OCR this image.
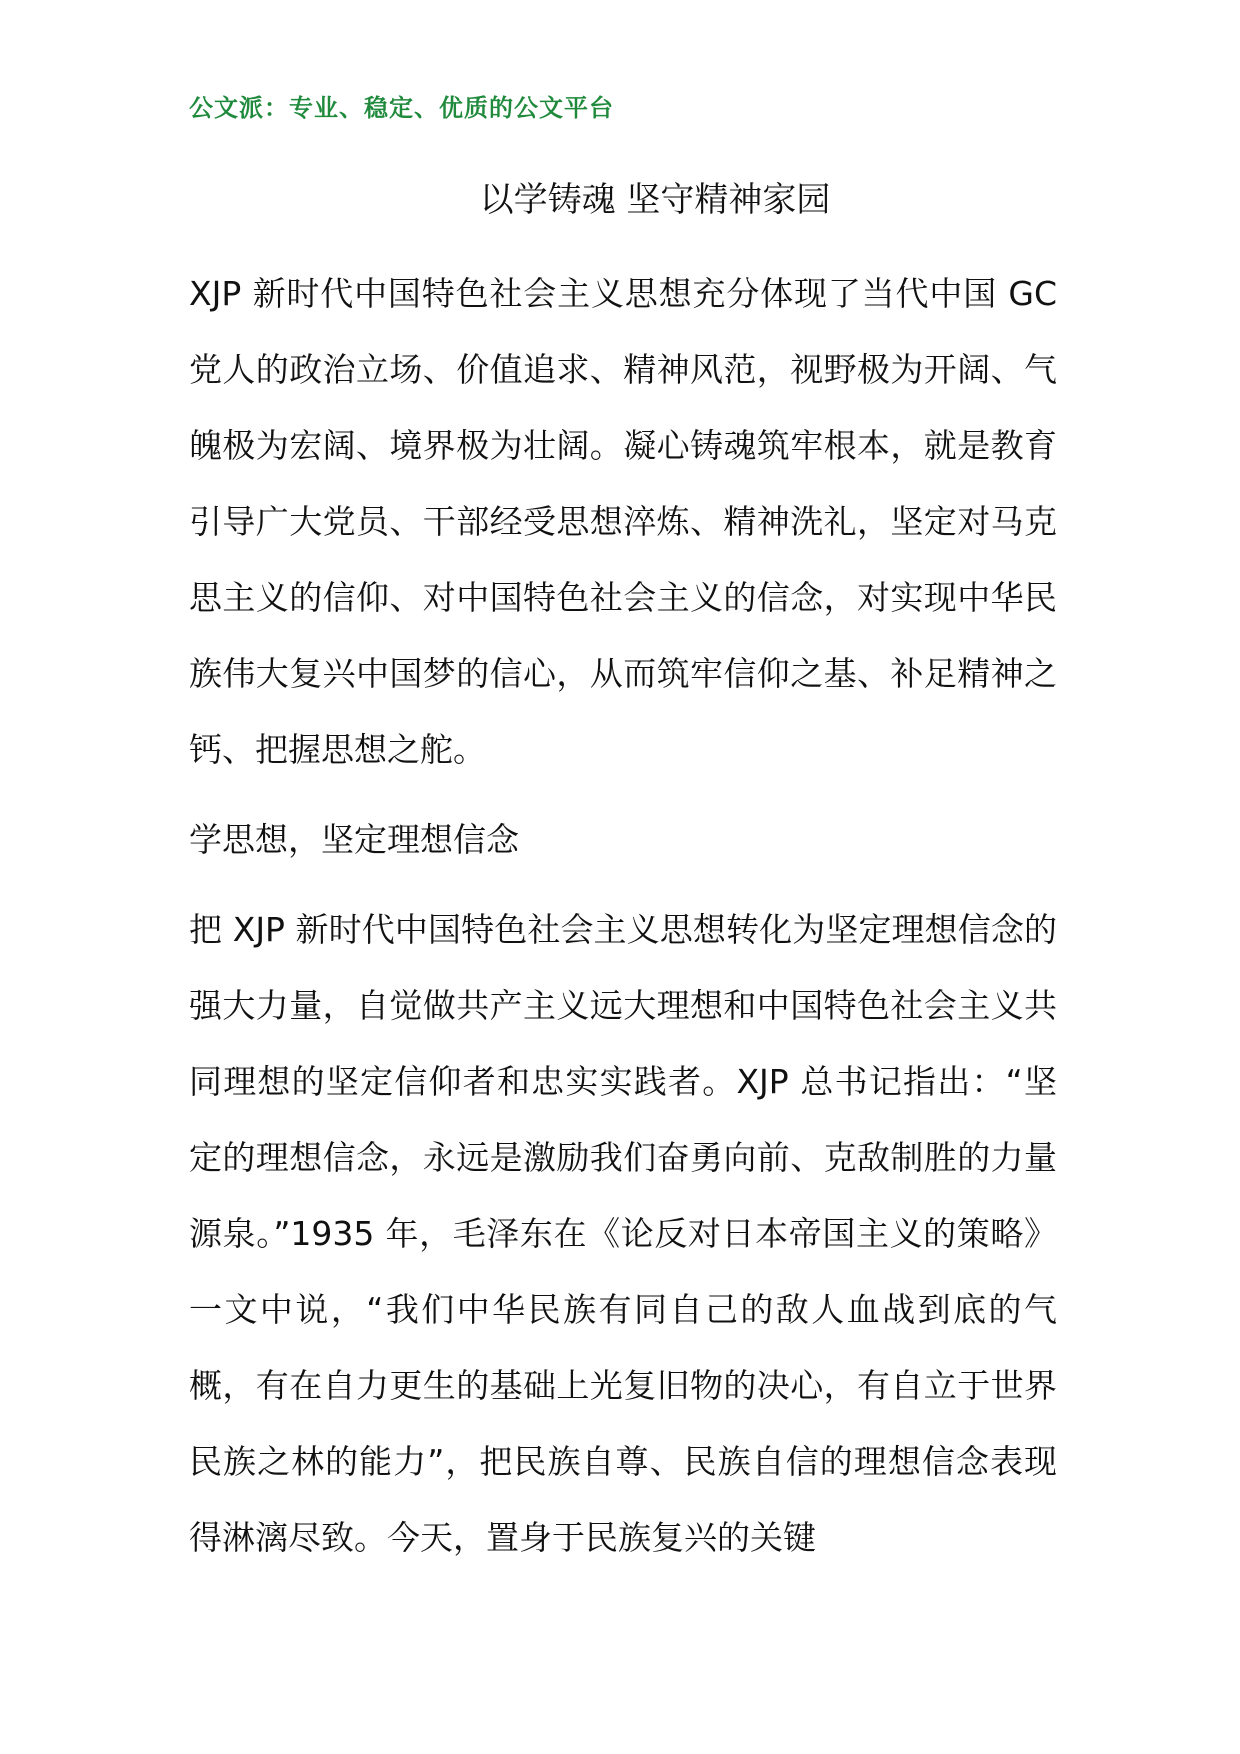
公文派：专业、稳定、优质的公文平台
以学铸魂 坚守精神家园

XJP 新时代中国特色社会主义思想充分体现了当代中国 GC 党人的政治立场、价值追求、精神风范，视野极为开阔、气魄极为宏阔、境界极为壮阔。凝心铸魂筑牢根本，就是教育引导广大党员、干部经受思想淬炼、精神洗礼，坚定对马克思主义的信仰、对中国特色社会主义的信念，对实现中华民族伟大复兴中国梦的信心，从而筑牢信仰之基、补足精神之钙、把握思想之舵。

学思想，坚定理想信念

把 XJP 新时代中国特色社会主义思想转化为坚定理想信念的强大力量，自觉做共产主义远大理想和中国特色社会主义共同理想的坚定信仰者和忠实实践者。XJP 总书记指出：“坚定的理想信念，永远是激励我们奋勇向前、克敌制胜的力量源泉。”1935 年，毛泽东在《论反对日本帝国主义的策略》一文中说，“我们中华民族有同自己的敌人血战到底的气概，有在自力更生的基础上光复旧物的决心，有自立于世界民族之林的能力”，把民族自尊、民族自信的理想信念表现得淋漓尽致。今天，置身于民族复兴的关键
